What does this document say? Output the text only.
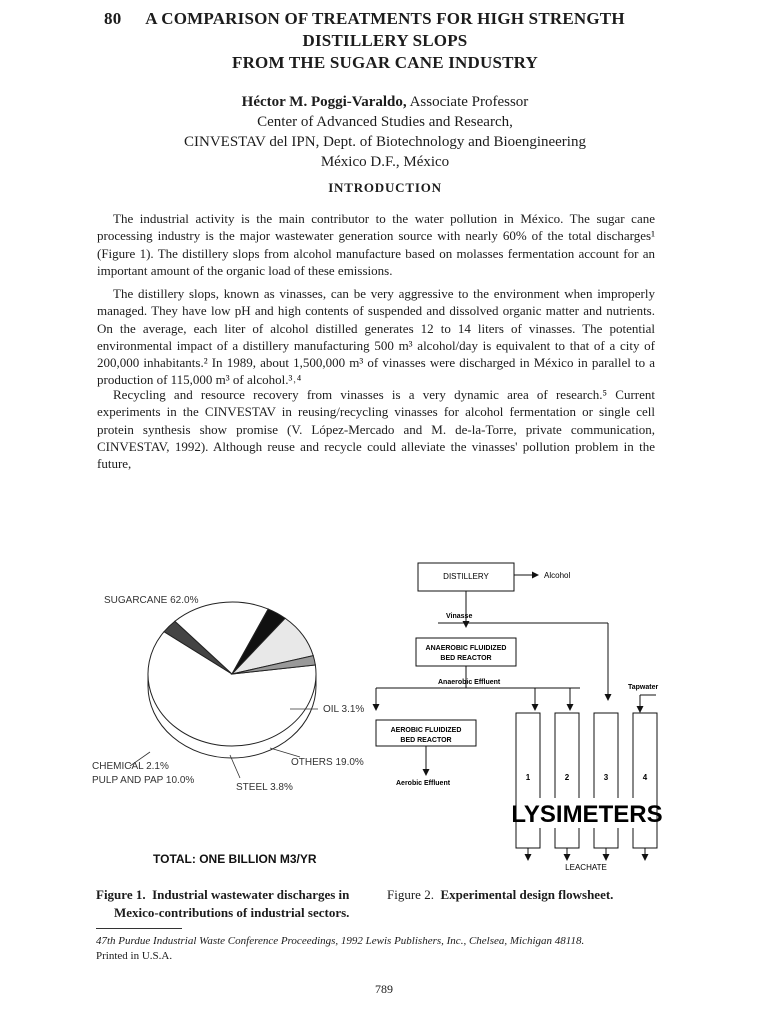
80	A COMPARISON OF TREATMENTS FOR HIGH STRENGTH
DISTILLERY SLOPS
FROM THE SUGAR CANE INDUSTRY
Héctor M. Poggi-Varaldo, Associate Professor
Center of Advanced Studies and Research,
CINVESTAV del IPN, Dept. of Biotechnology and Bioengineering
México D.F., México
INTRODUCTION
The industrial activity is the main contributor to the water pollution in México. The sugar cane processing industry is the major wastewater generation source with nearly 60% of the total discharges¹ (Figure 1). The distillery slops from alcohol manufacture based on molasses fermentation account for an important amount of the organic load of these emissions.
The distillery slops, known as vinasses, can be very aggressive to the environment when improperly managed. They have low pH and high contents of suspended and dissolved organic matter and nutrients. On the average, each liter of alcohol distilled generates 12 to 14 liters of vinasses. The potential environmental impact of a distillery manufacturing 500 m³ alcohol/day is equivalent to that of a city of 200,000 inhabitants.² In 1989, about 1,500,000 m³ of vinasses were discharged in México in parallel to a production of 115,000 m³ of alcohol.³˒⁴
Recycling and resource recovery from vinasses is a very dynamic area of research.⁵ Current experiments in the CINVESTAV in reusing/recycling vinasses for alcohol fermentation or single cell protein synthesis show promise (V. López-Mercado and M. de-la-Torre, private communication, CINVESTAV, 1992). Although reuse and recycle could alleviate the vinasses' pollution problem in the future,
SUGARCANE 62.0%
OIL 3.1%
OTHERS 19.0%
STEEL 3.8%
PULP AND PAP 10.0%
CHEMICAL 2.1%
TOTAL: ONE BILLION M3/YR
DISTILLERY	Alcohol
Vinasse
ANAEROBIC FLUIDIZED
BED REACTOR
Anaerobic Effluent
Tapwater
AEROBIC FLUIDIZED
BED REACTOR
Aerobic Effluent
1	2	3	4
LYSIMETERS
LEACHATE
Figure 1. Industrial wastewater discharges in
Mexico-contributions of industrial sectors.
Figure 2. Experimental design flowsheet.
47th Purdue Industrial Waste Conference Proceedings, 1992 Lewis Publishers, Inc., Chelsea, Michigan 48118.
Printed in U.S.A.
789
